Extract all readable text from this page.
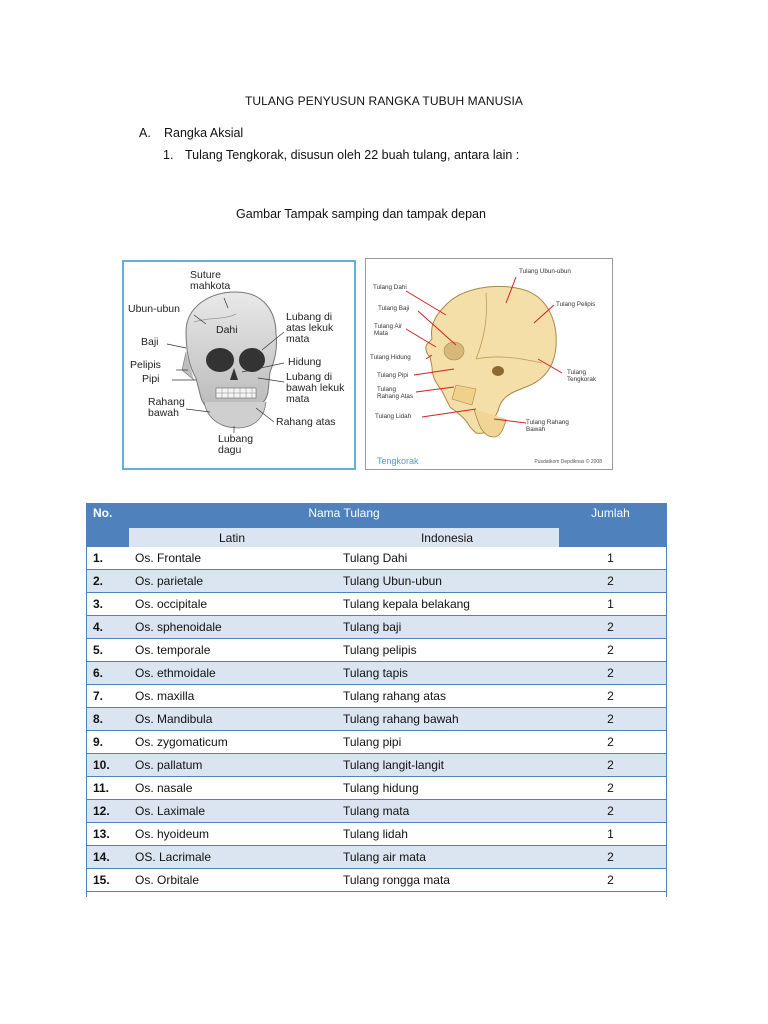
TULANG PENYUSUN RANGKA TUBUH MANUSIA
A. Rangka Aksial
1. Tulang Tengkorak, disusun oleh 22 buah tulang, antara lain :
Gambar Tampak samping dan tampak depan
Suture
mahkota
Ubun-ubun
Dahi
Lubang di
atas lekuk
mata
Baji
Hidung
Pelipis
Pipi	Lubang di
bawah lekuk
mata
Rahang
bawah
Rahang atas
Lubang
dagu
Tulang Ubun-ubun
Tulang Dahi
Tulang Pelipis
Tulang Baji
Tulang Air
Mata
Tulang Hidung
Tulang Pipi	Tulang
Tengkorak
Tulang
Rahang Atas
Tulang Lidah
Tulang Rahang
Bawah
Tengkorak	Pusdatkom Depdiknas © 2008
No.	Nama Tulang		Jumlah
	Latin	Indonesia	
1.	Os. Frontale	Tulang Dahi	1
2.	Os. parietale	Tulang Ubun-ubun	2
3.	Os. occipitale	Tulang kepala belakang	1
4.	Os. sphenoidale	Tulang baji	2
5.	Os. temporale	Tulang pelipis	2
6.	Os. ethmoidale	Tulang tapis	2
7.	Os. maxilla	Tulang rahang atas	2
8.	Os. Mandibula	Tulang rahang bawah	2
9.	Os. zygomaticum	Tulang pipi	2
10.	Os. pallatum	Tulang langit-langit	2
11.	Os. nasale	Tulang hidung	2
12.	Os. Laximale	Tulang mata	2
13.	Os. hyoideum	Tulang lidah	1
14.	OS. Lacrimale	Tulang air mata	2
15.	Os. Orbitale	Tulang rongga mata	2
